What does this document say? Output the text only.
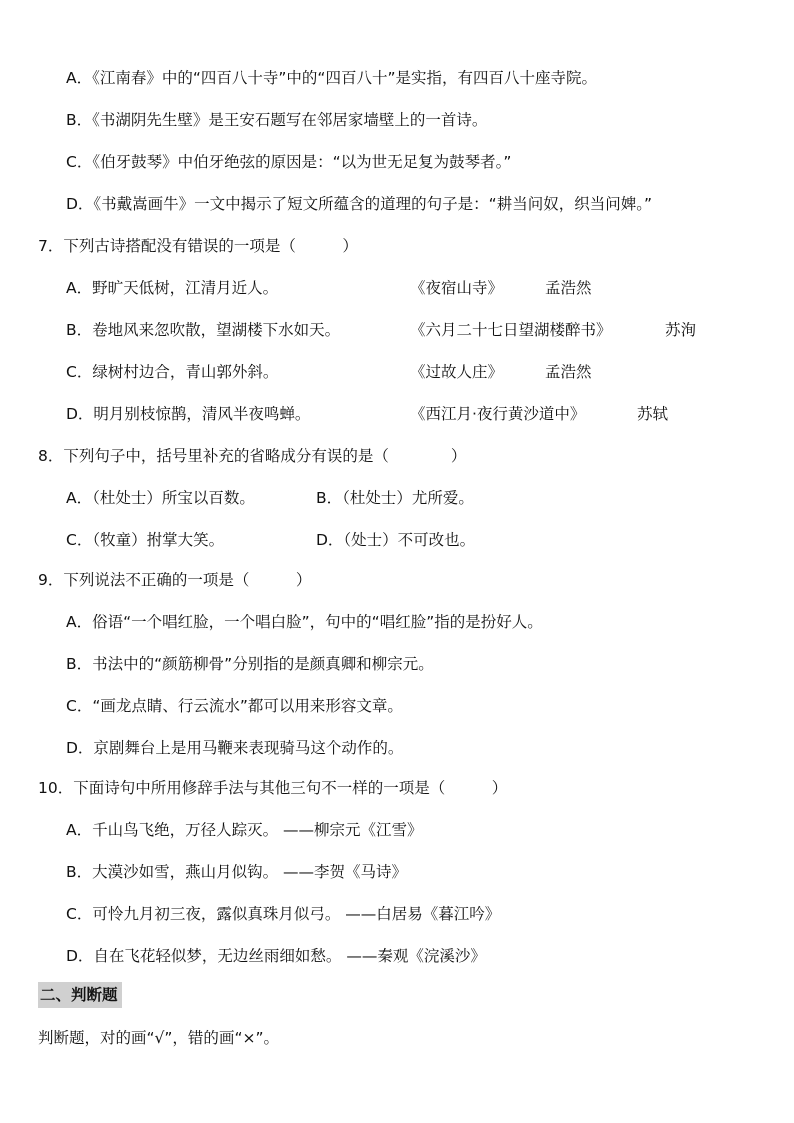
A．《江南春》中的“四百八十寺”中的“四百八十”是实指，有四百八十座寺院。
B．《书湖阴先生壁》是王安石题写在邻居家墙壁上的一首诗。
C．《伯牙鼓琴》中伯牙绝弦的原因是：“以为世无足复为鼓琴者。”
D．《书戴嵩画牛》一文中揭示了短文所蕴含的道理的句子是：“耕当问奴，织当问婢。”
7．下列古诗搭配没有错误的一项是（　　　）
A．野旷天低树，江清月近人。	《夜宿山寺》	孟浩然
B．卷地风来忽吹散，望湖楼下水如天。	《六月二十七日望湖楼醉书》	苏洵
C．绿树村边合，青山郭外斜。	《过故人庄》	孟浩然
D．明月别枝惊鹊，清风半夜鸣蝉。	《西江月·夜行黄沙道中》	苏轼
8．下列句子中，括号里补充的省略成分有误的是（　　　　）
A．（杜处士）所宝以百数。	B．（杜处士）尤所爱。
C．（牧童）拊掌大笑。	D．（处士）不可改也。
9．下列说法不正确的一项是（　　　）
A．俗语“一个唱红脸，一个唱白脸”，句中的“唱红脸”指的是扮好人。
B．书法中的“颜筋柳骨”分别指的是颜真卿和柳宗元。
C．“画龙点睛、行云流水”都可以用来形容文章。
D．京剧舞台上是用马鞭来表现骑马这个动作的。
10．下面诗句中所用修辞手法与其他三句不一样的一项是（　　　）
A．千山鸟飞绝，万径人踪灭。 ——柳宗元《江雪》
B．大漠沙如雪，燕山月似钩。 ——李贺《马诗》
C．可怜九月初三夜，露似真珠月似弓。 ——白居易《暮江吟》
D．自在飞花轻似梦，无边丝雨细如愁。 ——秦观《浣溪沙》
二、判断题
判断题，对的画“√”，错的画“×”。
